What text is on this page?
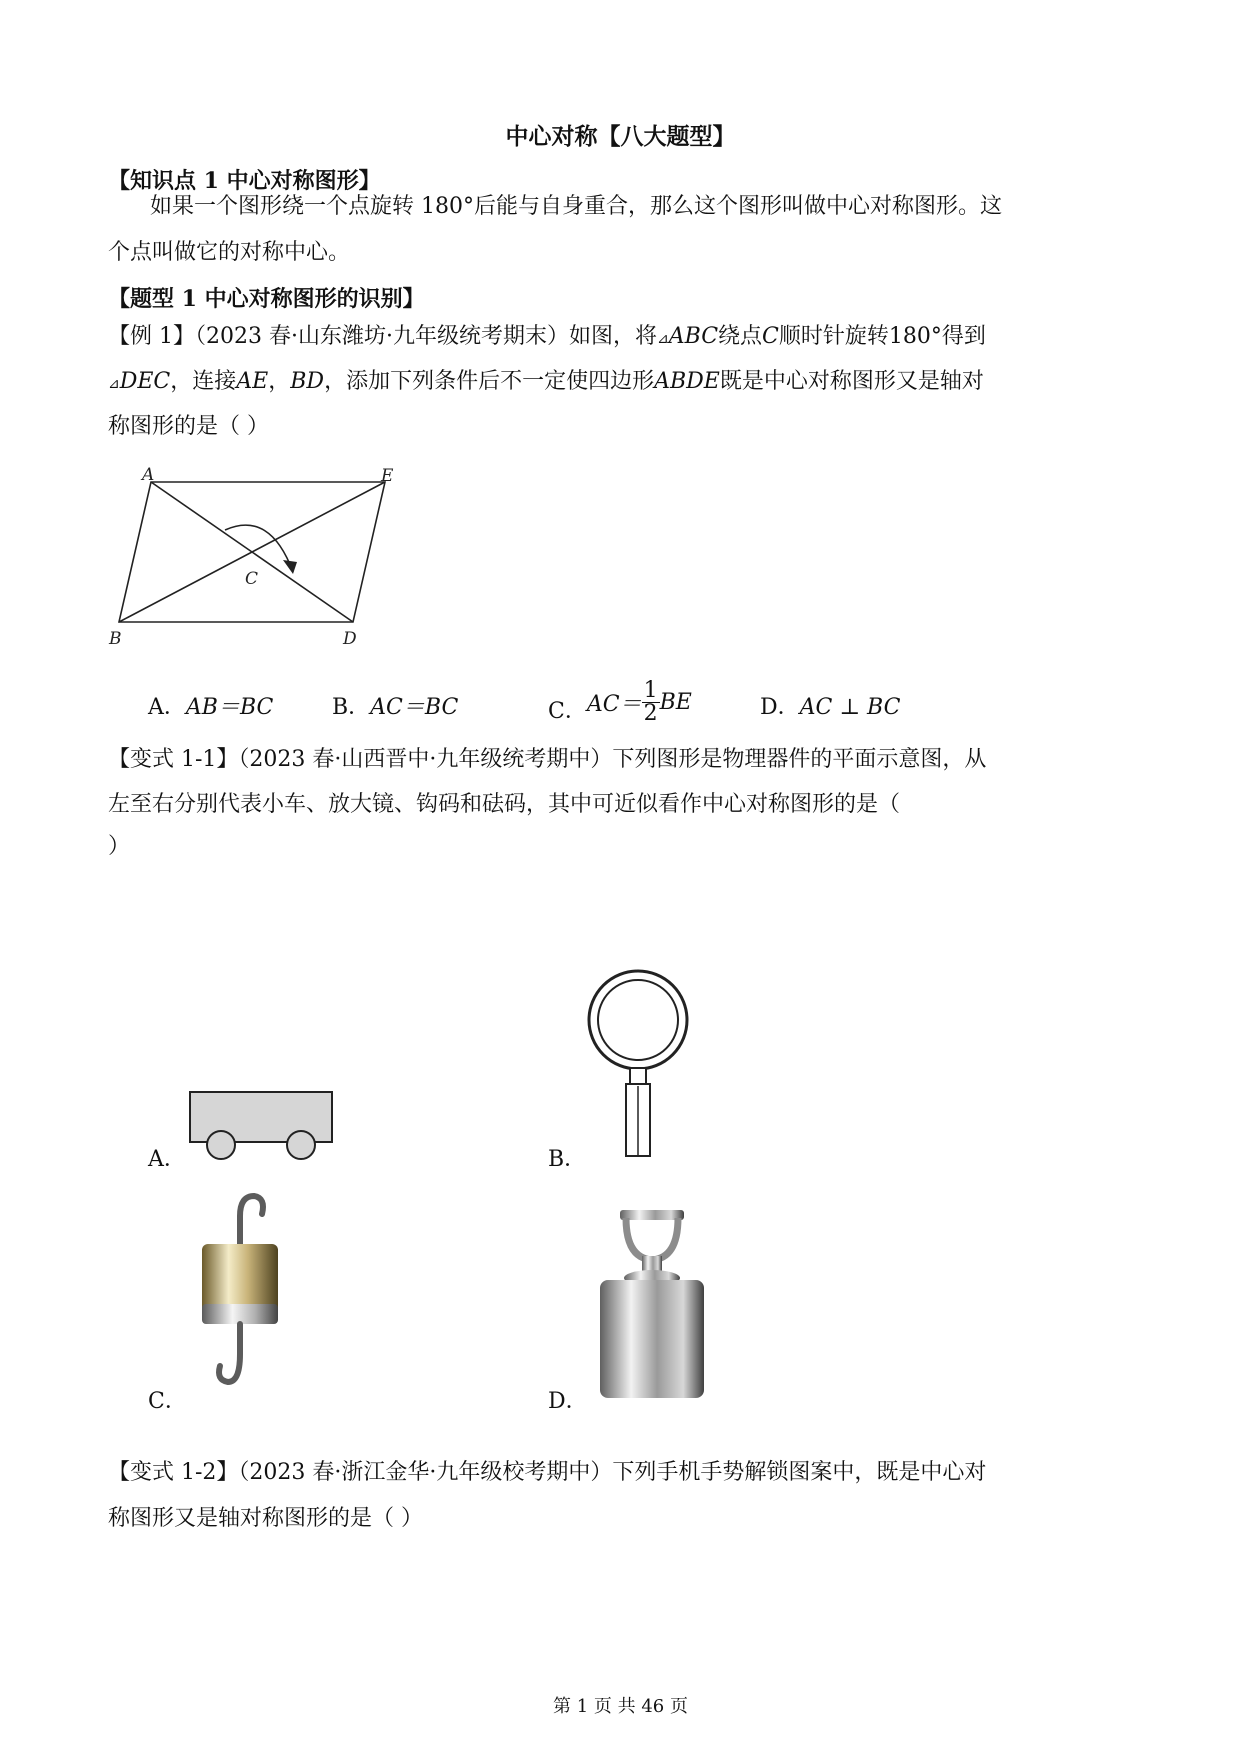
中心对称【八大题型】
【知识点 1 中心对称图形】
如果一个图形绕一个点旋转 180°后能与自身重合，那么这个图形叫做中心对称图形。这
个点叫做它的对称中心。
【题型 1 中心对称图形的识别】
【例 1】（2023 春·山东潍坊·九年级统考期末）如图，将⊿ABC绕点C顺时针旋转180°得到
⊿DEC，连接AE，BD，添加下列条件后不一定使四边形ABDE既是中心对称图形又是轴对
称图形的是（ ）
A	E
C
B	D
A．AB＝BC	B．AC＝BC	C． $AC= \frac{1}{2}$ BE	D．AC ⊥ BC
【变式 1-1】（2023 春·山西晋中·九年级统考期中）下列图形是物理器件的平面示意图，从
左至右分别代表小车、放大镜、钩码和砝码，其中可近似看作中心对称图形的是（
）
A．	B．
C．	D．
【变式 1-2】（2023 春·浙江金华·九年级校考期中）下列手机手势解锁图案中，既是中心对
称图形又是轴对称图形的是（ ）
第 1 页 共 46 页
